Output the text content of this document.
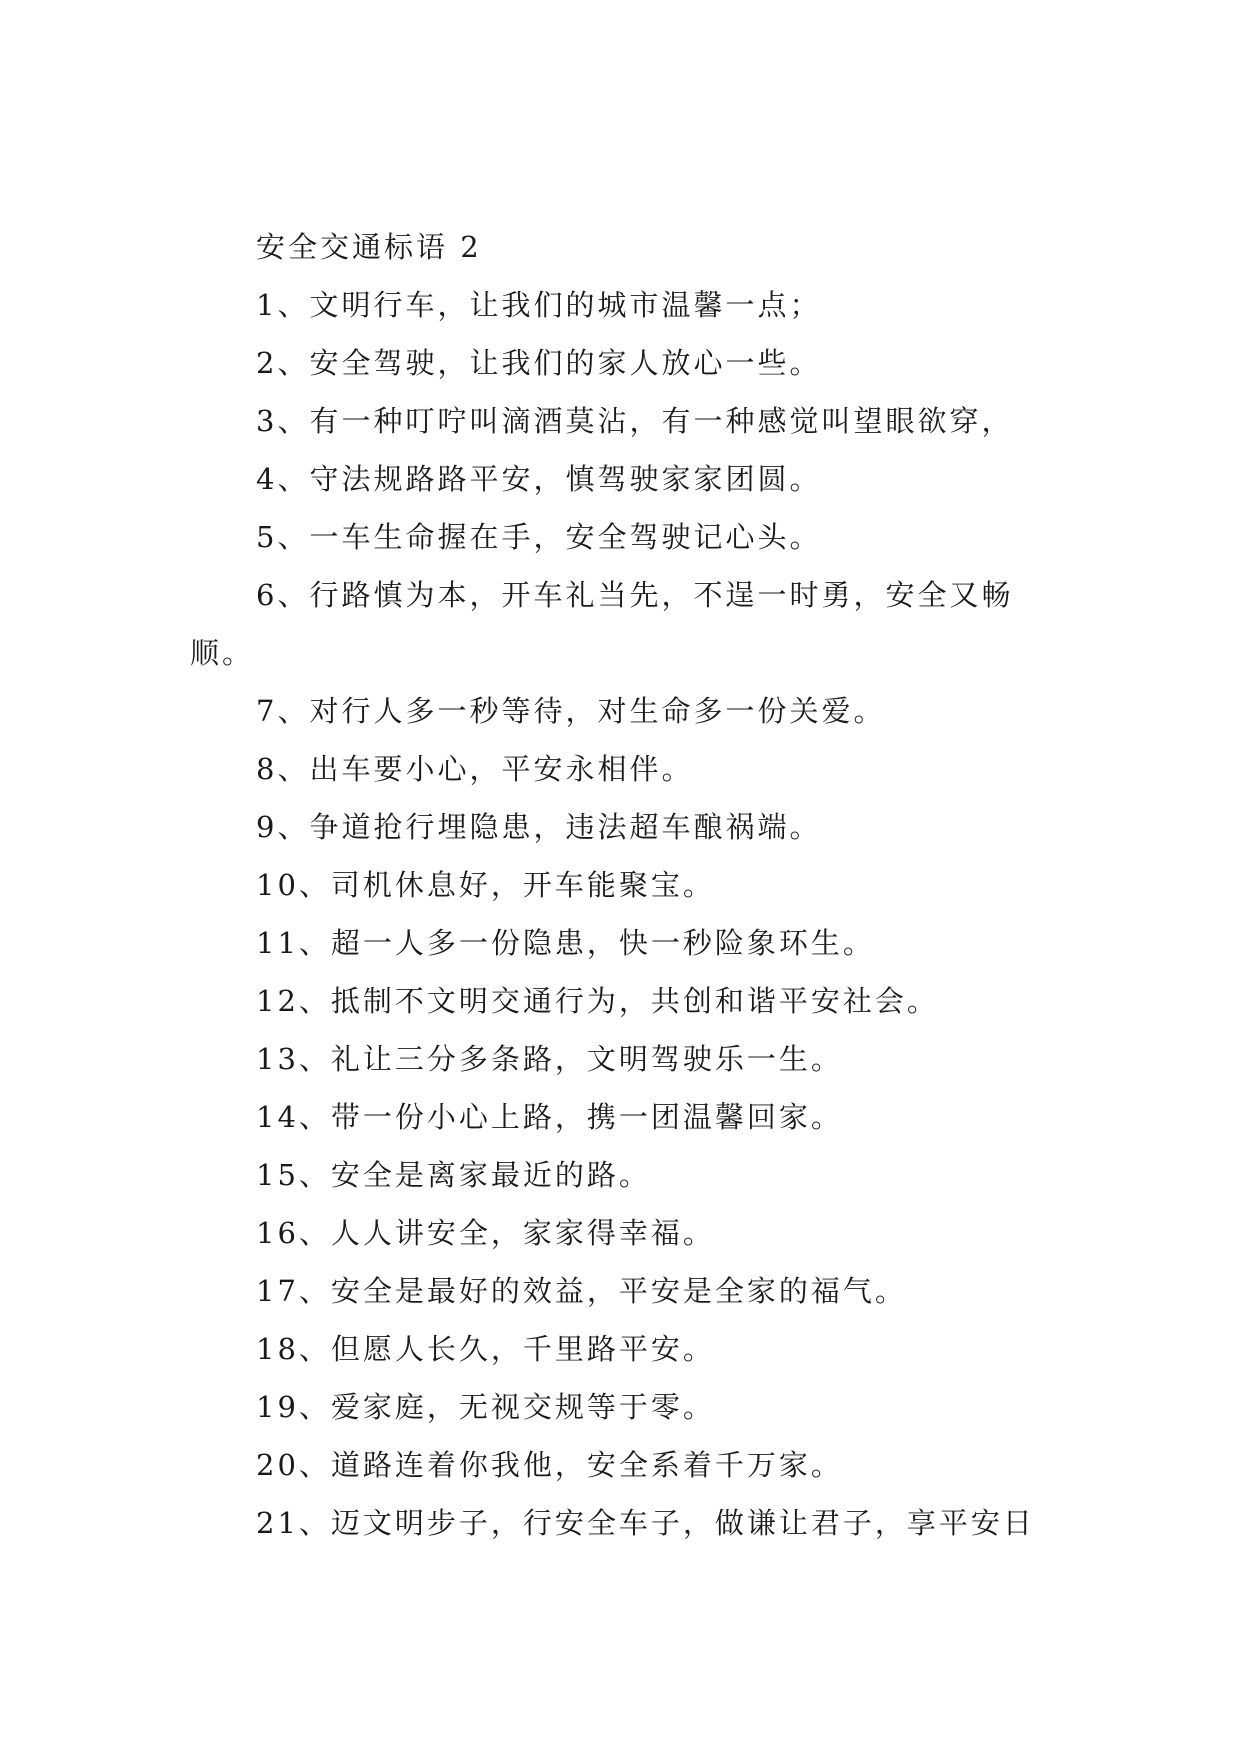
安全交通标语 2

1、文明行车，让我们的城市温馨一点；

2、安全驾驶，让我们的家人放心一些。

3、有一种叮咛叫滴酒莫沾，有一种感觉叫望眼欲穿，

4、守法规路路平安，慎驾驶家家团圆。

5、一车生命握在手，安全驾驶记心头。

6、行路慎为本，开车礼当先，不逞一时勇，安全又畅顺。

7、对行人多一秒等待，对生命多一份关爱。

8、出车要小心，平安永相伴。

9、争道抢行埋隐患，违法超车酿祸端。

10、司机休息好，开车能聚宝。

11、超一人多一份隐患，快一秒险象环生。

12、抵制不文明交通行为，共创和谐平安社会。

13、礼让三分多条路，文明驾驶乐一生。

14、带一份小心上路，携一团温馨回家。

15、安全是离家最近的路。

16、人人讲安全，家家得幸福。

17、安全是最好的效益，平安是全家的福气。

18、但愿人长久，千里路平安。

19、爱家庭，无视交规等于零。

20、道路连着你我他，安全系着千万家。

21、迈文明步子，行安全车子，做谦让君子，享平安日
